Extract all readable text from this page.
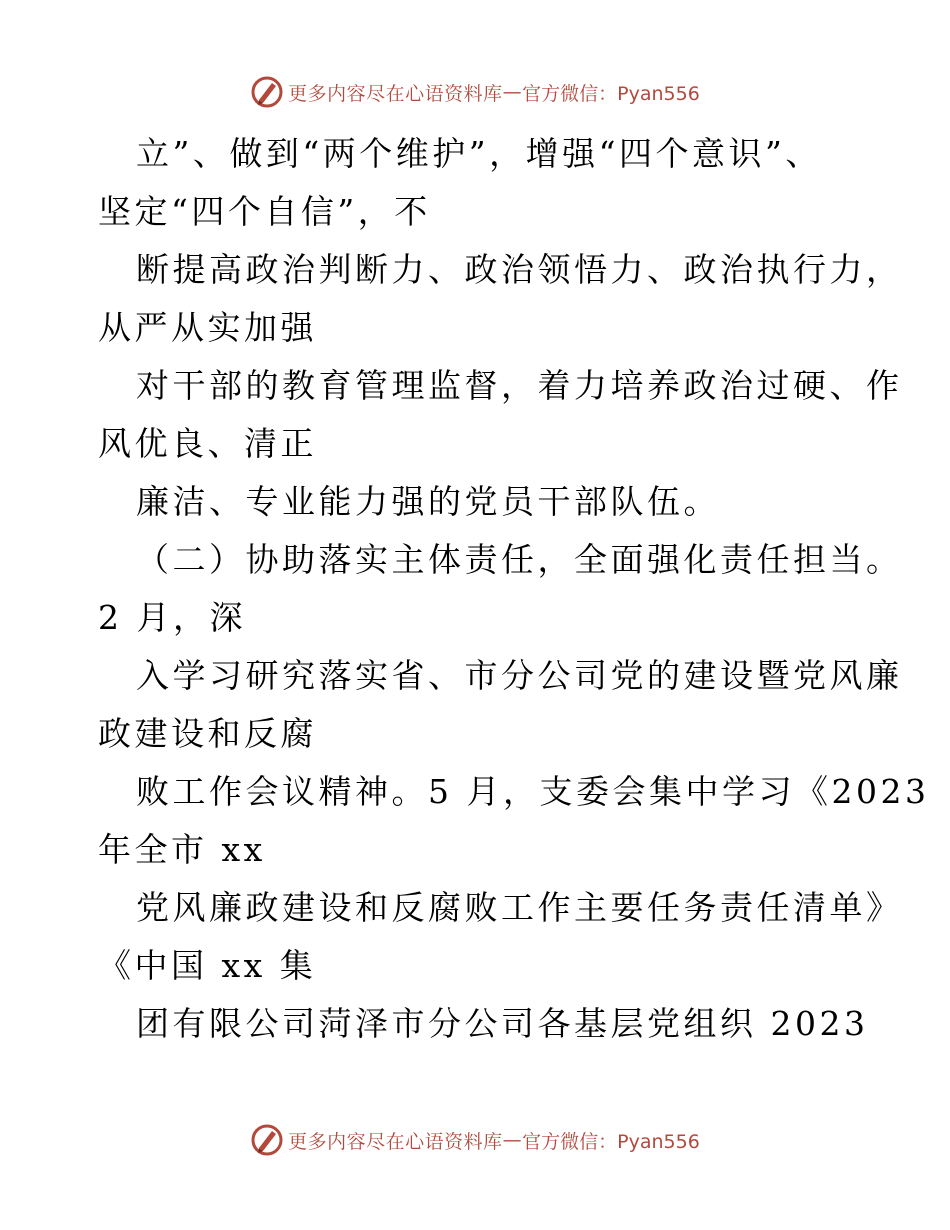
更多内容尽在心语资料库 — 官方微信：Pyan556
立”、做到“两个维护”，增强“四个意识”、
坚定“四个自信”，不
断提高政治判断力、政治领悟力、政治执行力，
从严从实加强
对干部的教育管理监督，着力培养政治过硬、作
风优良、清正
廉洁、专业能力强的党员干部队伍。
（二）协助落实主体责任，全面强化责任担当。
2 月，深
入学习研究落实省、市分公司党的建设暨党风廉
政建设和反腐
败工作会议精神。5 月，支委会集中学习《2023
年全市 xx
党风廉政建设和反腐败工作主要任务责任清单》
《中国 xx 集
团有限公司菏泽市分公司各基层党组织 2023
更多内容尽在心语资料库 — 官方微信：Pyan556
